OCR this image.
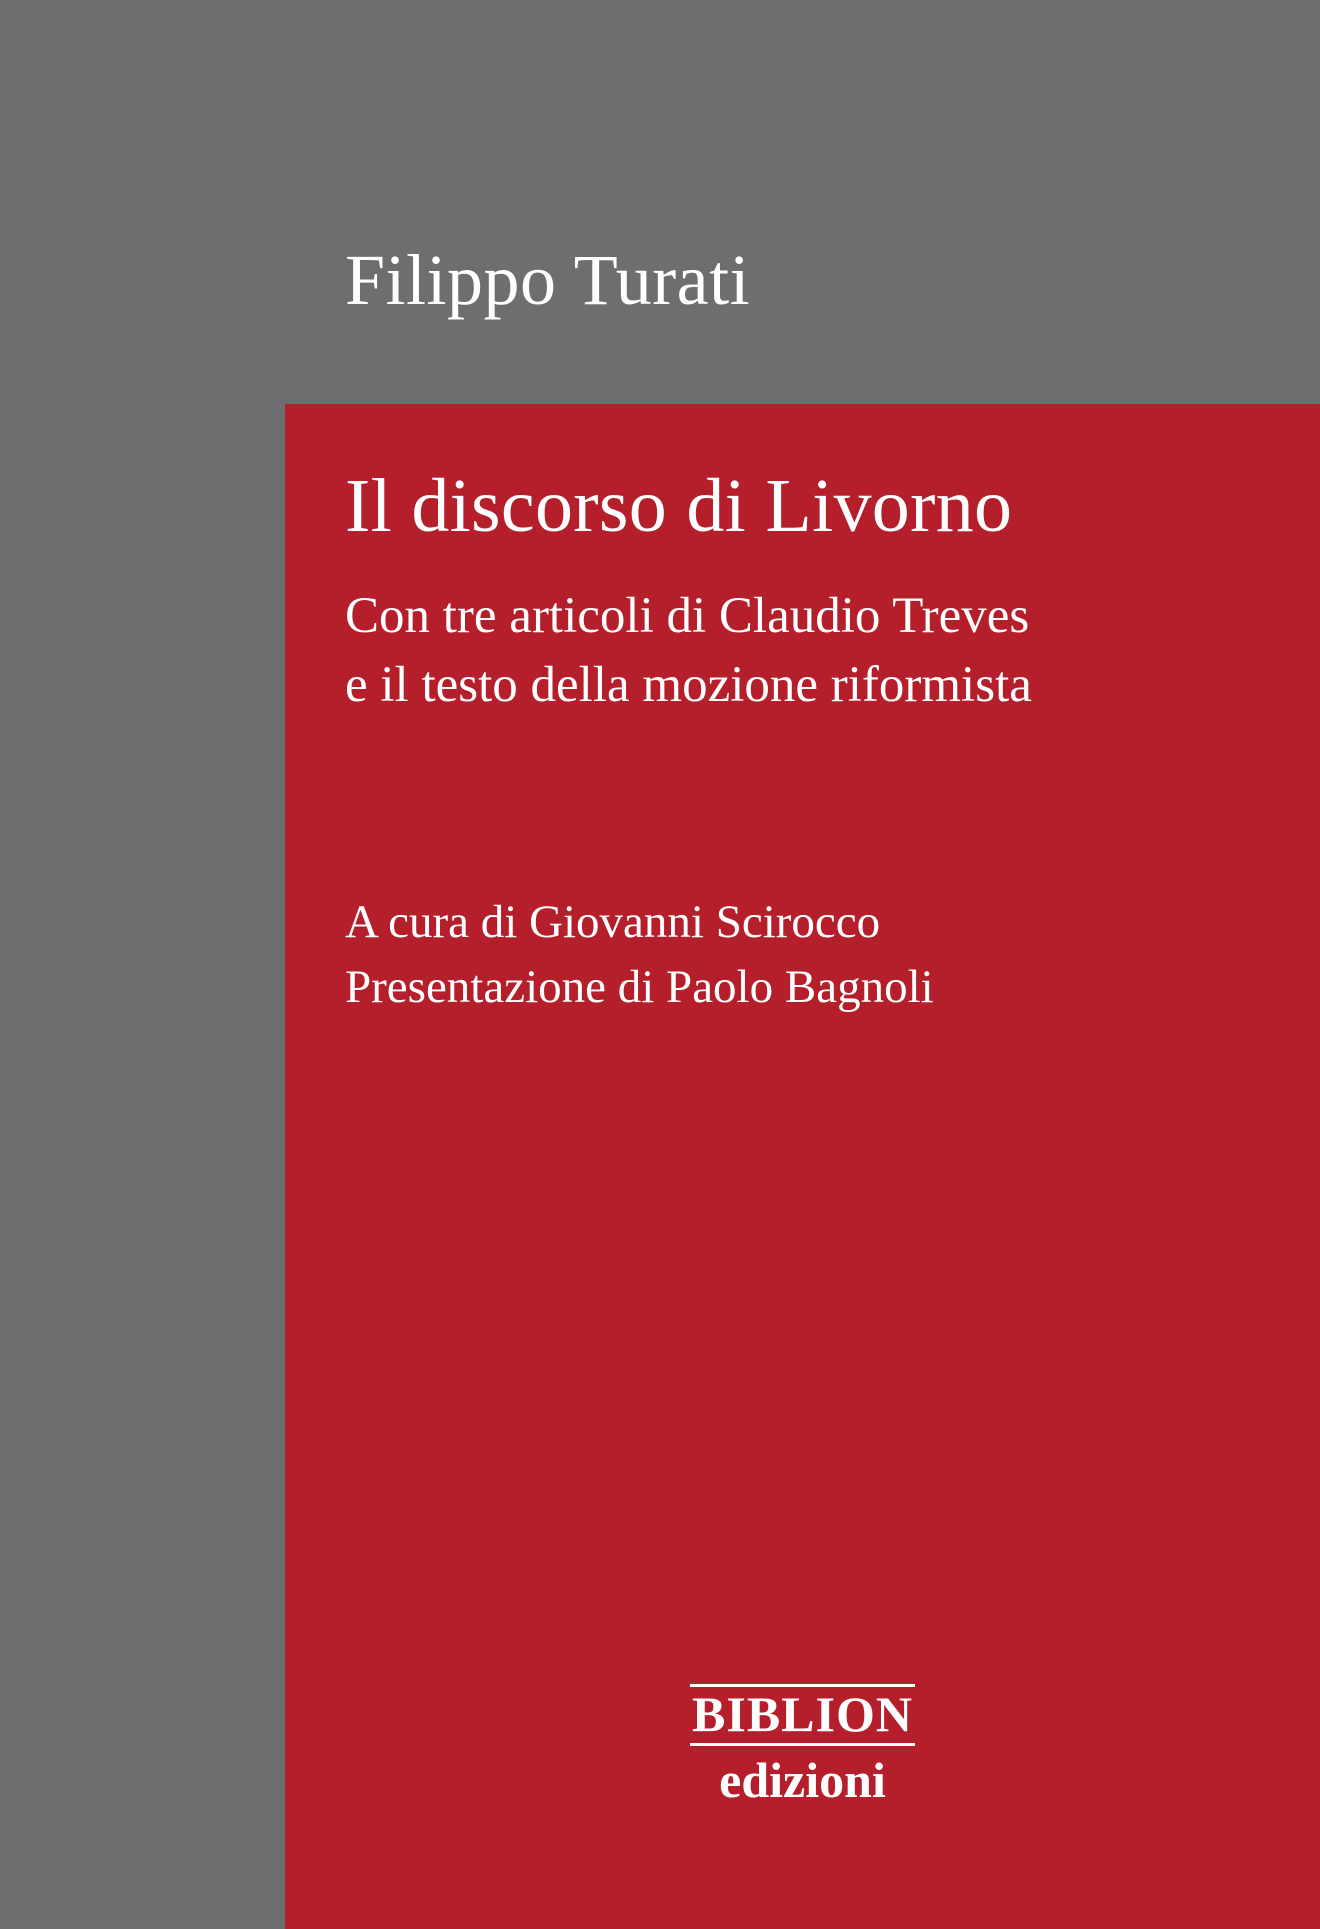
Filippo Turati
Il discorso di Livorno
Con tre articoli di Claudio Treves
e il testo della mozione riformista
A cura di Giovanni Scirocco
Presentazione di Paolo Bagnoli
BIBLION
edizioni
